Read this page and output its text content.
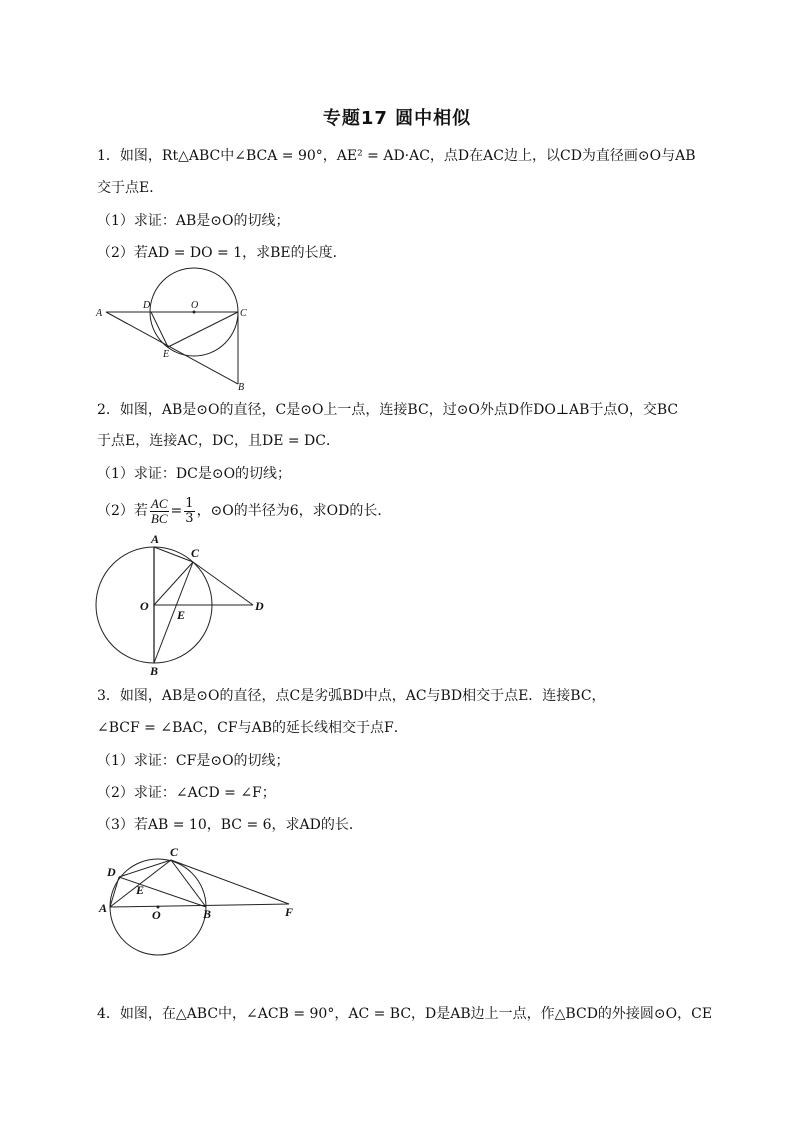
专题17 圆中相似
1．如图，Rt△ABC中∠BCA = 90°，AE² = AD·AC，点D在AC边上，以CD为直径画⊙O与AB
交于点E．
（1）求证：AB是⊙O的切线；
（2）若AD = DO = 1，求BE的长度．
A
D	O
C
E
B
2．如图，AB是⊙O的直径，C是⊙O上一点，连接BC，过⊙O外点D作DO⊥AB于点O，交BC
于点E，连接AC，DC，且DE = DC．
（1）求证：DC是⊙O的切线；
（2）若 $\frac{AC}{BC} = \frac{1}{3}$ ，⊙O的半径为6，求OD的长．
A
C
O
E
D
B
3．如图，AB是⊙O的直径，点C是劣弧BD中点，AC与BD相交于点E．连接BC，
∠BCF = ∠BAC，CF与AB的延长线相交于点F．
（1）求证：CF是⊙O的切线；
（2）求证：∠ACD = ∠F；
（3）若AB = 10，BC = 6，求AD的长．
C
D
E
A	O	B	F
4．如图，在△ABC中，∠ACB = 90°，AC = BC，D是AB边上一点，作△BCD的外接圆⊙O，CE
